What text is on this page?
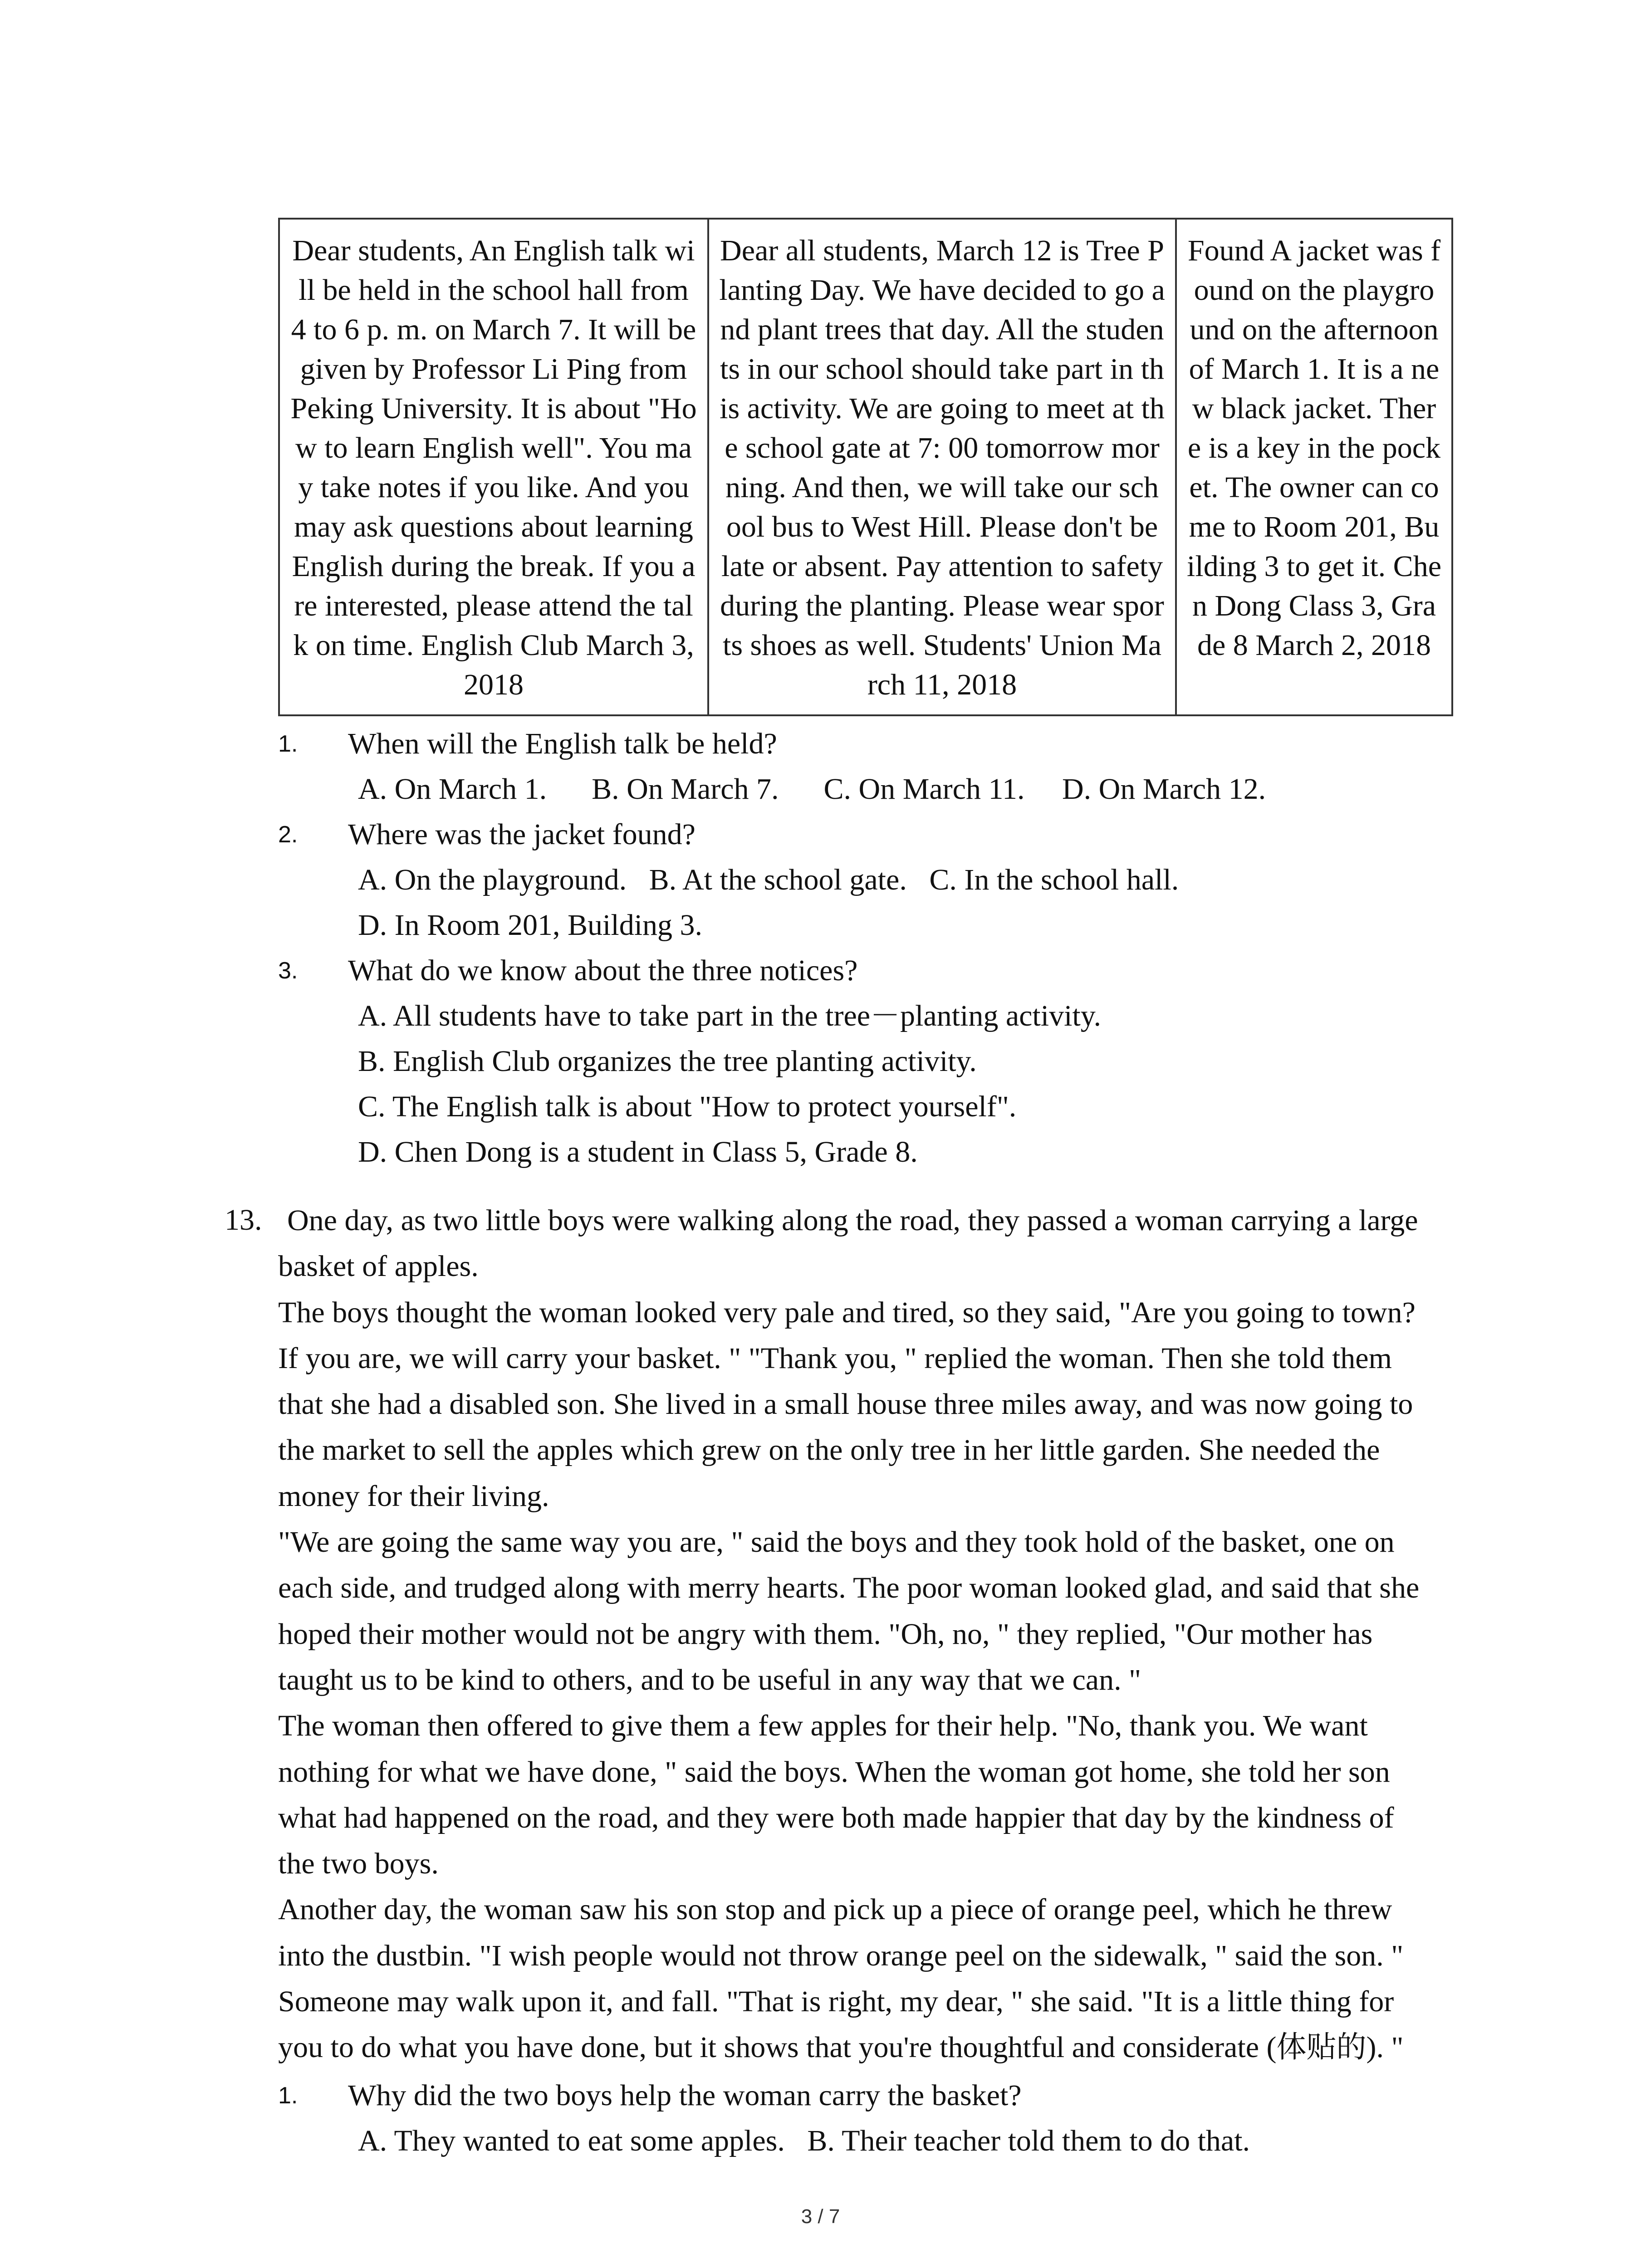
Dear students, An English talk will be held in the school hall from 4 to 6 p. m. on March 7. It will be given by Professor Li Ping from Peking University. It is about "How to learn English well". You may take notes if you like. And you may ask questions about learning English during the break. If you are interested, please attend the talk on time. English Club March 3, 2018	Dear all students, March 12 is Tree Planting Day. We have decided to go and plant trees that day. All the students in our school should take part in this activity. We are going to meet at the school gate at 7: 00 tomorrow morning. And then, we will take our school bus to West Hill. Please don't be late or absent. Pay attention to safety during the planting. Please wear sports shoes as well. Students' Union March 11, 2018	Found A jacket was found on the playground on the afternoon of March 1. It is a new black jacket. There is a key in the pocket. The owner can come to Room 201, Building 3 to get it. Chen Dong Class 3, Grade 8 March 2, 2018
1. When will the English talk be held?
A. On March 1.      B. On March 7.      C. On March 11.     D. On March 12.
2. Where was the jacket found?
A. On the playground.   B. At the school gate.   C. In the school hall.
D. In Room 201, Building 3.
3. What do we know about the three notices?
A. All students have to take part in the tree－planting activity.
B. English Club organizes the tree planting activity.
C. The English talk is about "How to protect yourself".
D. Chen Dong is a student in Class 5, Grade 8.
13. One day, as two little boys were walking along the road, they passed a woman carrying a large

basket of apples.

The boys thought the woman looked very pale and tired, so they said, "Are you going to town?

If you are, we will carry your basket. " "Thank you, " replied the woman. Then she told them

that she had a disabled son. She lived in a small house three miles away, and was now going to

the market to sell the apples which grew on the only tree in her little garden. She needed the

money for their living.

"We are going the same way you are, " said the boys and they took hold of the basket, one on

each side, and trudged along with merry hearts. The poor woman looked glad, and said that she

hoped their mother would not be angry with them. "Oh, no, " they replied, "Our mother has

taught us to be kind to others, and to be useful in any way that we can. "

The woman then offered to give them a few apples for their help. "No, thank you. We want

nothing for what we have done, " said the boys. When the woman got home, she told her son

what had happened on the road, and they were both made happier that day by the kindness of

the two boys.

Another day, the woman saw his son stop and pick up a piece of orange peel, which he threw

into the dustbin. "I wish people would not throw orange peel on the sidewalk, " said the son. "

Someone may walk upon it, and fall. "That is right, my dear, " she said. "It is a little thing for

you to do what you have done, but it shows that you're thoughtful and considerate (体贴的). "

1. Why did the two boys help the woman carry the basket?
A. They wanted to eat some apples.   B. Their teacher told them to do that.
3 / 7
